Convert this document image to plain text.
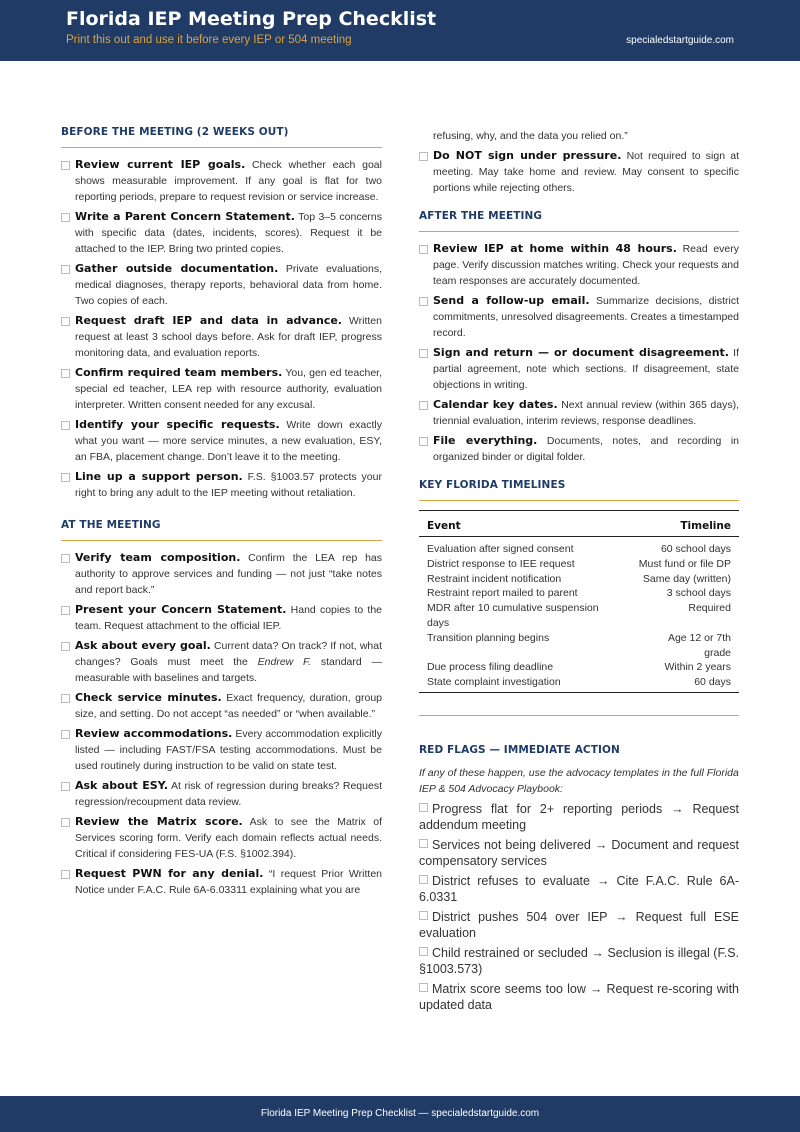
Florida IEP Meeting Prep Checklist
Print this out and use it before every IEP or 504 meeting	specialedstartguide.com
BEFORE THE MEETING (2 WEEKS OUT)
Review current IEP goals. Check whether each goal shows measurable improvement. If any goal is flat for two reporting periods, prepare to request revision or service increase.
Write a Parent Concern Statement. Top 3–5 concerns with specific data (dates, incidents, scores). Request it be attached to the IEP. Bring two printed copies.
Gather outside documentation. Private evaluations, medical diagnoses, therapy reports, behavioral data from home. Two copies of each.
Request draft IEP and data in advance. Written request at least 3 school days before. Ask for draft IEP, progress monitoring data, and evaluation reports.
Confirm required team members. You, gen ed teacher, special ed teacher, LEA rep with resource authority, evaluation interpreter. Written consent needed for any excusal.
Identify your specific requests. Write down exactly what you want — more service minutes, a new evaluation, ESY, an FBA, placement change. Don’t leave it to the meeting.
Line up a support person. F.S. §1003.57 protects your right to bring any adult to the IEP meeting without retaliation.
AT THE MEETING
Verify team composition. Confirm the LEA rep has authority to approve services and funding — not just “take notes and report back.”
Present your Concern Statement. Hand copies to the team. Request attachment to the official IEP.
Ask about every goal. Current data? On track? If not, what changes? Goals must meet the Endrew F. standard — measurable with baselines and targets.
Check service minutes. Exact frequency, duration, group size, and setting. Do not accept “as needed” or “when available.”
Review accommodations. Every accommodation explicitly listed — including FAST/FSA testing accommodations. Must be used routinely during instruction to be valid on state test.
Ask about ESY. At risk of regression during breaks? Request regression/recoupment data review.
Review the Matrix score. Ask to see the Matrix of Services scoring form. Verify each domain reflects actual needs. Critical if considering FES-UA (F.S. §1002.394).
Request PWN for any denial. “I request Prior Written Notice under F.A.C. Rule 6A-6.03311 explaining what you are
refusing, why, and the data you relied on.”
Do NOT sign under pressure. Not required to sign at meeting. May take home and review. May consent to specific portions while rejecting others.
AFTER THE MEETING
Review IEP at home within 48 hours. Read every page. Verify discussion matches writing. Check your requests and team responses are accurately documented.
Send a follow-up email. Summarize decisions, district commitments, unresolved disagreements. Creates a timestamped record.
Sign and return — or document disagreement. If partial agreement, note which sections. If disagreement, state objections in writing.
Calendar key dates. Next annual review (within 365 days), triennial evaluation, interim reviews, response deadlines.
File everything. Documents, notes, and recording in organized binder or digital folder.
KEY FLORIDA TIMELINES
Event	Timeline
Evaluation after signed consent	60 school days
District response to IEE request	Must fund or file DP
Restraint incident notification	Same day (written)
Restraint report mailed to parent	3 school days
MDR after 10 cumulative suspension days	Required
Transition planning begins	Age 12 or 7th grade
Due process filing deadline	Within 2 years
State complaint investigation	60 days
RED FLAGS — IMMEDIATE ACTION
If any of these happen, use the advocacy templates in the full Florida IEP & 504 Advocacy Playbook:
Progress flat for 2+ reporting periods → Request addendum meeting
Services not being delivered → Document and request compensatory services
District refuses to evaluate → Cite F.A.C. Rule 6A-6.0331
District pushes 504 over IEP → Request full ESE evaluation
Child restrained or secluded → Seclusion is illegal (F.S. §1003.573)
Matrix score seems too low → Request re-scoring with updated data
Florida IEP Meeting Prep Checklist — specialedstartguide.com
